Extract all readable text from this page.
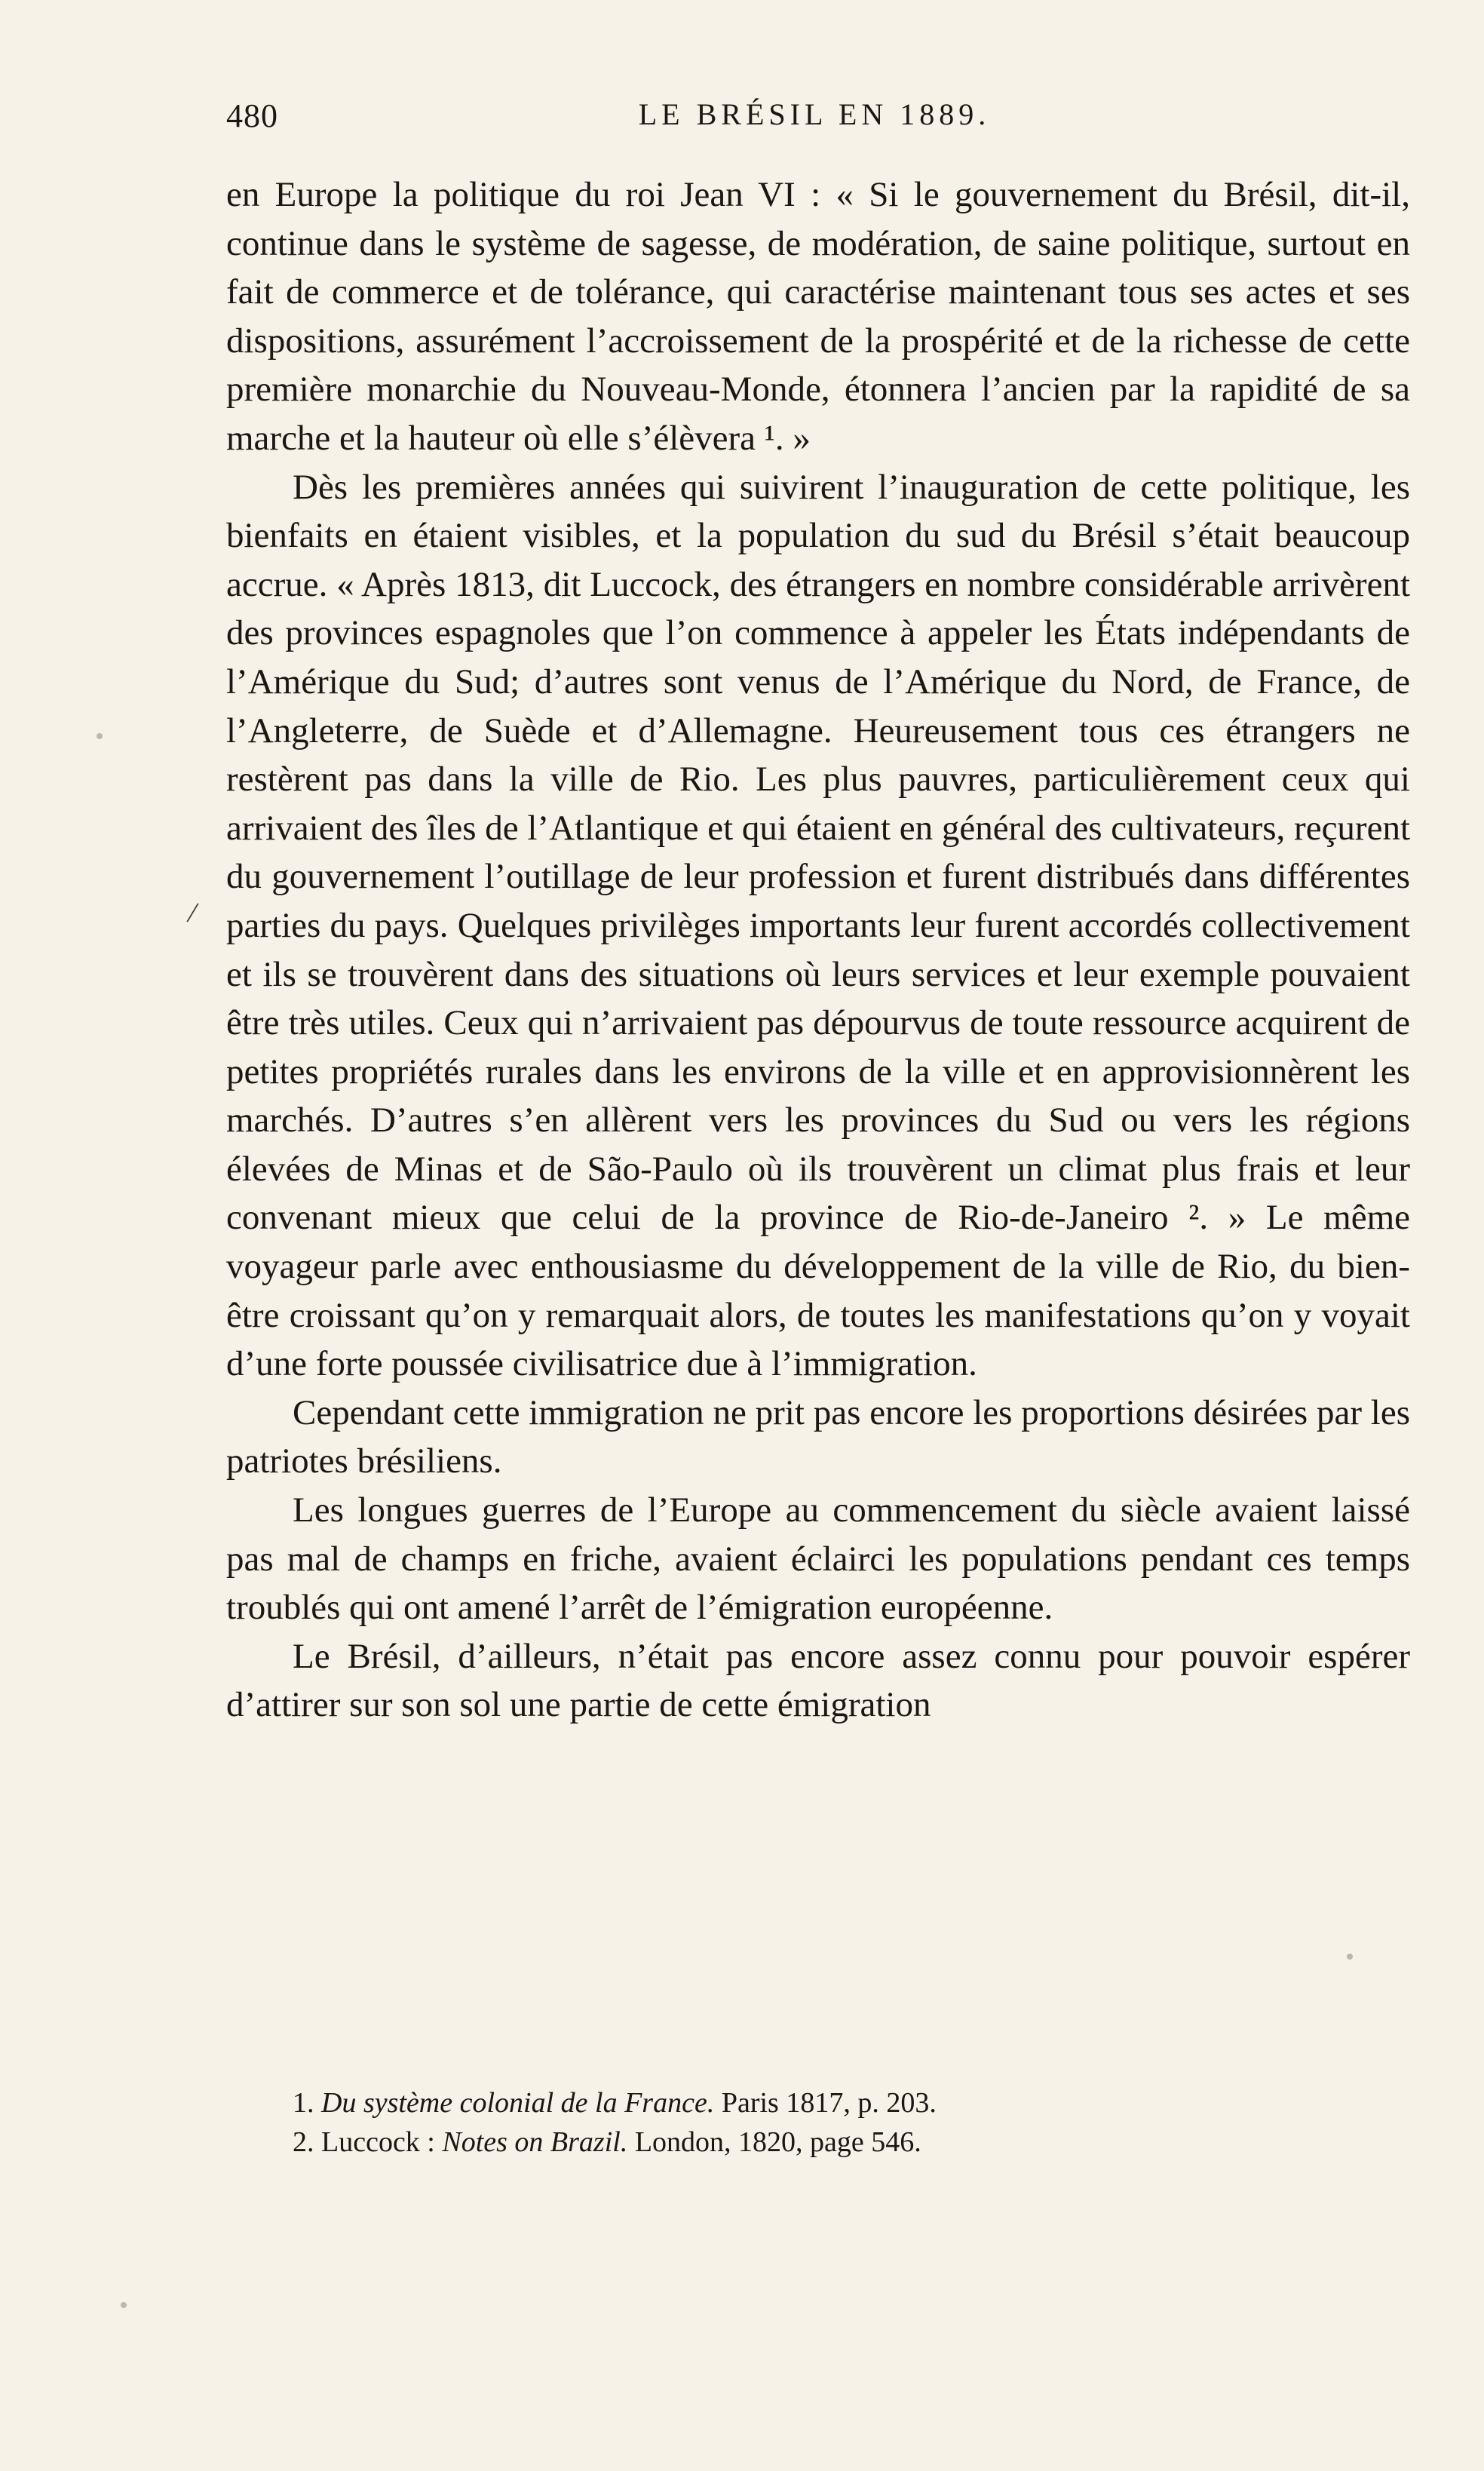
480	LE BRÉSIL EN 1889.

en Europe la politique du roi Jean VI : « Si le gouvernement du Brésil, dit-il, continue dans le système de sagesse, de modération, de saine politique, surtout en fait de commerce et de tolérance, qui caractérise maintenant tous ses actes et ses dispositions, assurément l’accroissement de la prospérité et de la richesse de cette première monarchie du Nouveau-Monde, étonnera l’ancien par la rapidité de sa marche et la hauteur où elle s’élèvera ¹. »

Dès les premières années qui suivirent l’inauguration de cette politique, les bienfaits en étaient visibles, et la population du sud du Brésil s’était beaucoup accrue. « Après 1813, dit Luccock, des étrangers en nombre considérable arrivèrent des provinces espagnoles que l’on commence à appeler les États indépendants de l’Amérique du Sud; d’autres sont venus de l’Amérique du Nord, de France, de l’Angleterre, de Suède et d’Allemagne. Heureusement tous ces étrangers ne restèrent pas dans la ville de Rio. Les plus pauvres, particulièrement ceux qui arrivaient des îles de l’Atlantique et qui étaient en général des cultivateurs, reçurent du gouvernement l’outillage de leur profession et furent distribués dans différentes parties du pays. Quelques privilèges importants leur furent accordés collectivement et ils se trouvèrent dans des situations où leurs services et leur exemple pouvaient être très utiles. Ceux qui n’arrivaient pas dépourvus de toute ressource acquirent de petites propriétés rurales dans les environs de la ville et en approvisionnèrent les marchés. D’autres s’en allèrent vers les provinces du Sud ou vers les régions élevées de Minas et de São-Paulo où ils trouvèrent un climat plus frais et leur convenant mieux que celui de la province de Rio-de-Janeiro ². » Le même voyageur parle avec enthousiasme du développement de la ville de Rio, du bien-être croissant qu’on y remarquait alors, de toutes les manifestations qu’on y voyait d’une forte poussée civilisatrice due à l’immigration.

Cependant cette immigration ne prit pas encore les proportions désirées par les patriotes brésiliens.

Les longues guerres de l’Europe au commencement du siècle avaient laissé pas mal de champs en friche, avaient éclairci les populations pendant ces temps troublés qui ont amené l’arrêt de l’émigration européenne.

Le Brésil, d’ailleurs, n’était pas encore assez connu pour pouvoir espérer d’attirer sur son sol une partie de cette émigration

1. Du système colonial de la France. Paris 1817, p. 203.

2. Luccock : Notes on Brazil. London, 1820, page 546.

/
